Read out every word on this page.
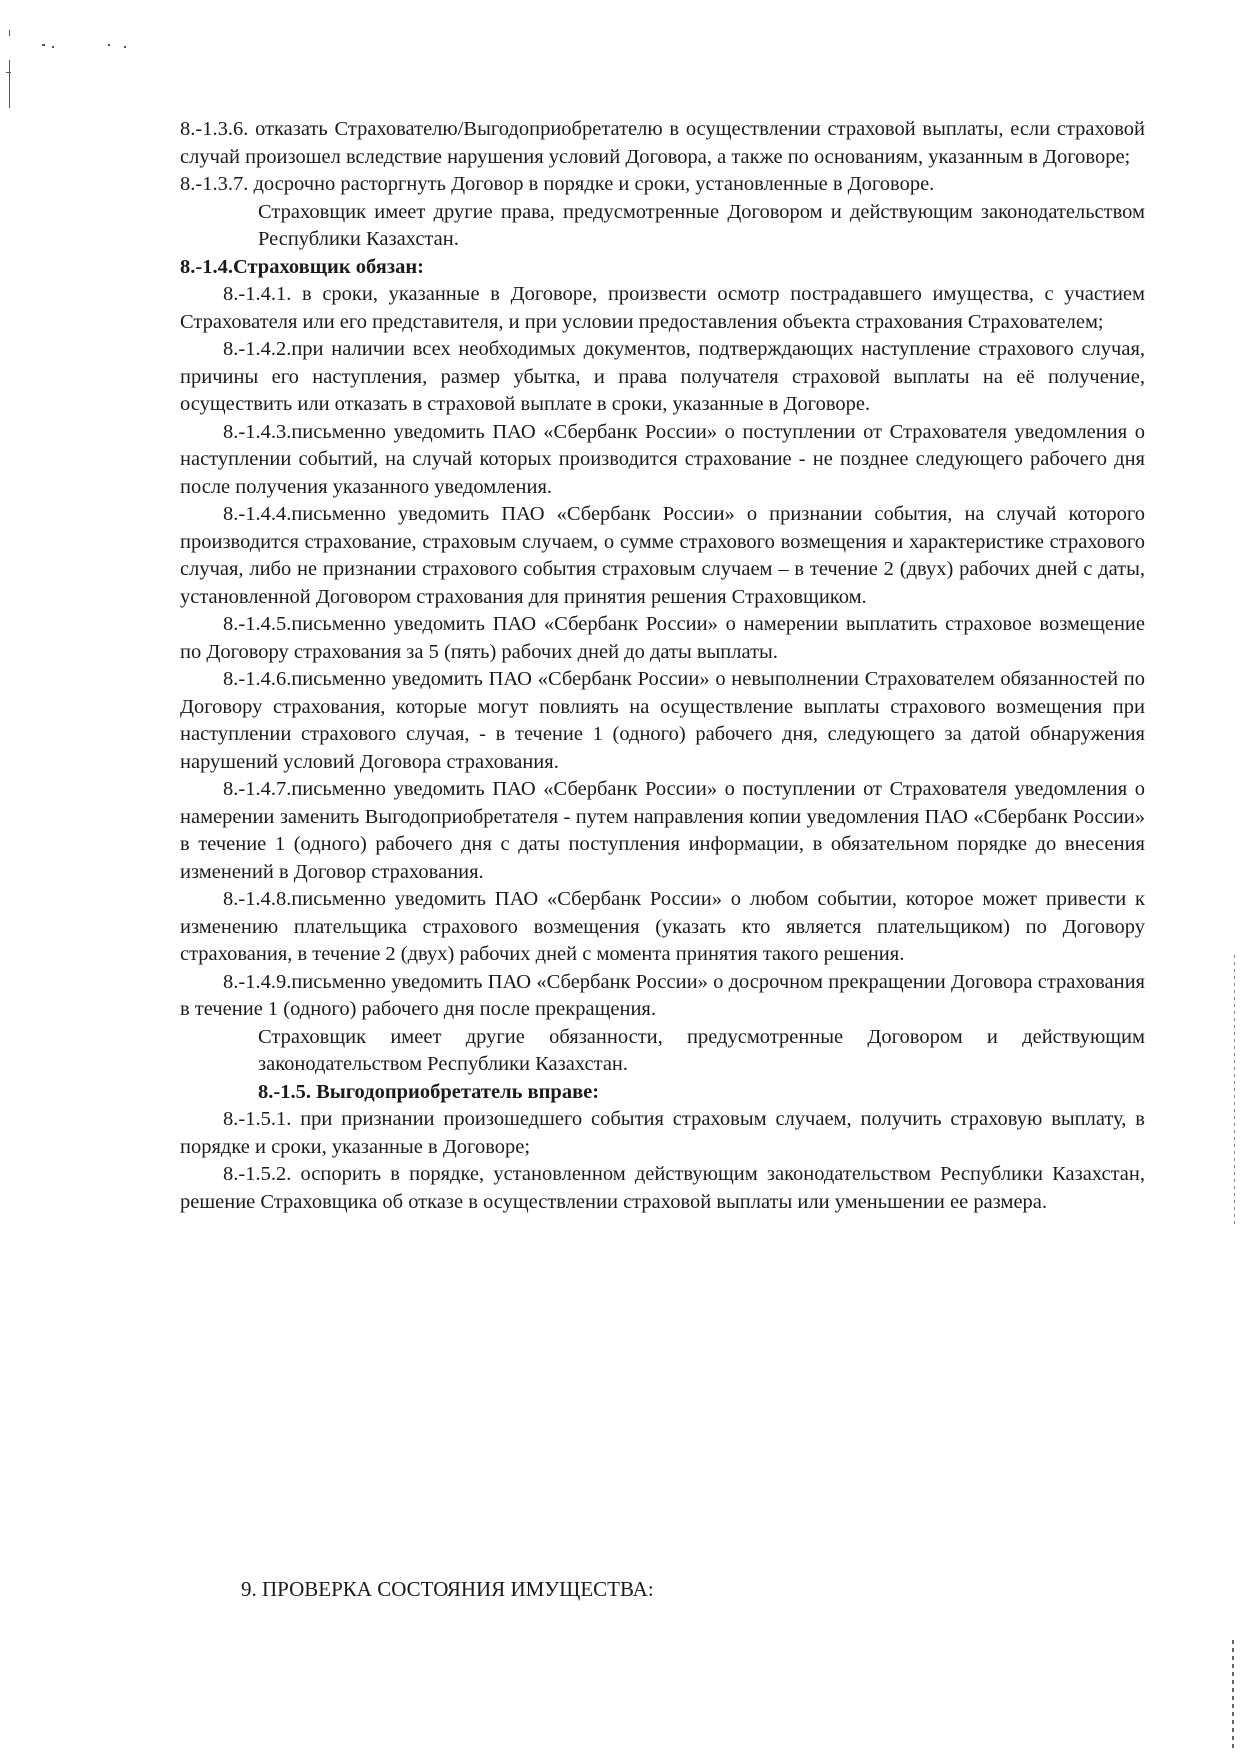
8.-1.3.6. отказать Страхователю/Выгодоприобретателю в осуществлении страховой выплаты, если страховой случай произошел вследствие нарушения условий Договора, а также по основаниям, указанным в Договоре;

8.-1.3.7. досрочно расторгнуть Договор в порядке и сроки, установленные в Договоре.

Страховщик имеет другие права, предусмотренные Договором и действующим законодательством Республики Казахстан.

8.-1.4.Страховщик обязан:

8.-1.4.1. в сроки, указанные в Договоре, произвести осмотр пострадавшего имущества, с участием Страхователя или его представителя, и при условии предоставления объекта страхования Страхователем;

8.-1.4.2.при наличии всех необходимых документов, подтверждающих наступление страхового случая, причины его наступления, размер убытка, и права получателя страховой выплаты на её получение, осуществить или отказать в страховой выплате в сроки, указанные в Договоре.

8.-1.4.3.письменно уведомить ПАО «Сбербанк России» о поступлении от Страхователя уведомления о наступлении событий, на случай которых производится страхование - не позднее следующего рабочего дня после получения указанного уведомления.

8.-1.4.4.письменно уведомить ПАО «Сбербанк России» о признании события, на случай которого производится страхование, страховым случаем, о сумме страхового возмещения и характеристике страхового случая, либо не признании страхового события страховым случаем – в течение 2 (двух) рабочих дней с даты, установленной Договором страхования для принятия решения Страховщиком.

8.-1.4.5.письменно уведомить ПАО «Сбербанк России» о намерении выплатить страховое возмещение по Договору страхования за 5 (пять) рабочих дней до даты выплаты.

8.-1.4.6.письменно уведомить ПАО «Сбербанк России» о невыполнении Страхователем обязанностей по Договору страхования, которые могут повлиять на осуществление выплаты страхового возмещения при наступлении страхового случая, - в течение 1 (одного) рабочего дня, следующего за датой обнаружения нарушений условий Договора страхования.

8.-1.4.7.письменно уведомить ПАО «Сбербанк России» о поступлении от Страхователя уведомления о намерении заменить Выгодоприобретателя - путем направления копии уведомления ПАО «Сбербанк России» в течение 1 (одного) рабочего дня с даты поступления информации, в обязательном порядке до внесения изменений в Договор страхования.

8.-1.4.8.письменно уведомить ПАО «Сбербанк России» о любом событии, которое может привести к изменению плательщика страхового возмещения (указать кто является плательщиком) по Договору страхования, в течение 2 (двух) рабочих дней с момента принятия такого решения.

8.-1.4.9.письменно уведомить ПАО «Сбербанк России» о досрочном прекращении Договора страхования в течение 1 (одного) рабочего дня после прекращения.

Страховщик имеет другие обязанности, предусмотренные Договором и действующим законодательством Республики Казахстан.

8.-1.5. Выгодоприобретатель вправе:

8.-1.5.1. при признании произошедшего события страховым случаем, получить страховую выплату, в порядке и сроки, указанные в Договоре;

8.-1.5.2. оспорить в порядке, установленном действующим законодательством Республики Казахстан, решение Страховщика об отказе в осуществлении страховой выплаты или уменьшении ее размера.

9. ПРОВЕРКА СОСТОЯНИЯ ИМУЩЕСТВА:
